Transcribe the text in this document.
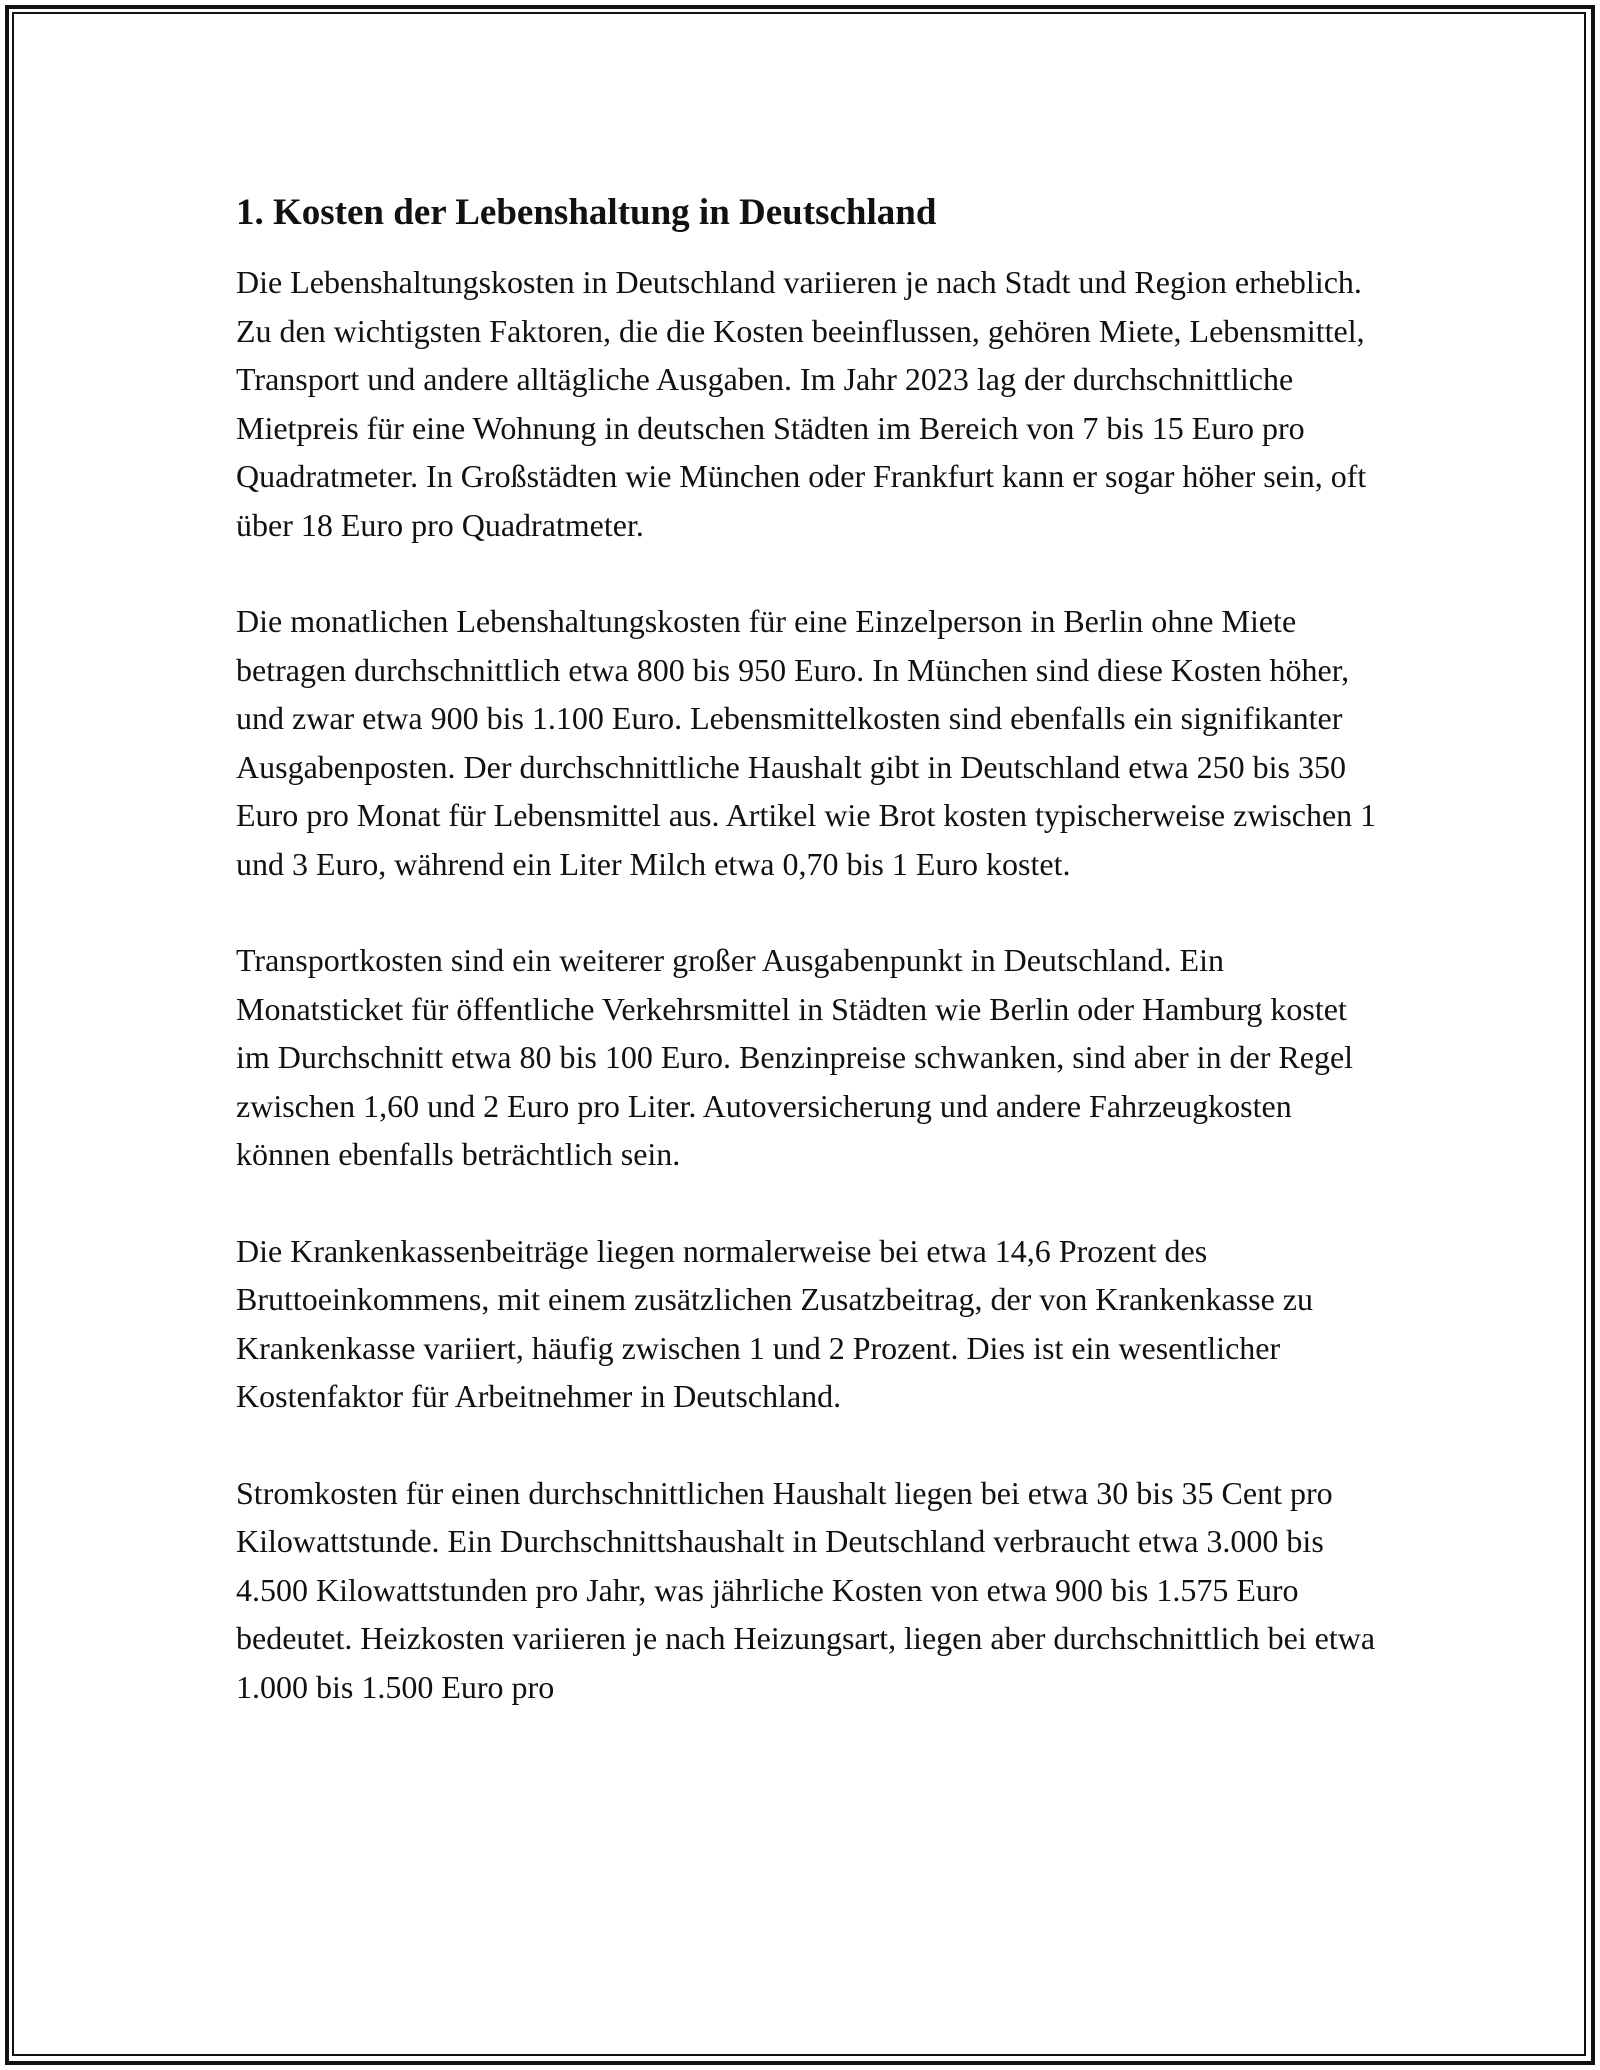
1. Kosten der Lebenshaltung in Deutschland

Die Lebenshaltungskosten in Deutschland variieren je nach Stadt und Region erheblich. Zu den wichtigsten Faktoren, die die Kosten beeinflussen, gehören Miete, Lebensmittel, Transport und andere alltägliche Ausgaben. Im Jahr 2023 lag der durchschnittliche Mietpreis für eine Wohnung in deutschen Städten im Bereich von 7 bis 15 Euro pro Quadratmeter. In Großstädten wie München oder Frankfurt kann er sogar höher sein, oft über 18 Euro pro Quadratmeter.

Die monatlichen Lebenshaltungskosten für eine Einzelperson in Berlin ohne Miete betragen durchschnittlich etwa 800 bis 950 Euro. In München sind diese Kosten höher, und zwar etwa 900 bis 1.100 Euro. Lebensmittelkosten sind ebenfalls ein signifikanter Ausgabenposten. Der durchschnittliche Haushalt gibt in Deutschland etwa 250 bis 350 Euro pro Monat für Lebensmittel aus. Artikel wie Brot kosten typischerweise zwischen 1 und 3 Euro, während ein Liter Milch etwa 0,70 bis 1 Euro kostet.

Transportkosten sind ein weiterer großer Ausgabenpunkt in Deutschland. Ein Monatsticket für öffentliche Verkehrsmittel in Städten wie Berlin oder Hamburg kostet im Durchschnitt etwa 80 bis 100 Euro. Benzinpreise schwanken, sind aber in der Regel zwischen 1,60 und 2 Euro pro Liter. Autoversicherung und andere Fahrzeugkosten können ebenfalls beträchtlich sein.

Die Krankenkassenbeiträge liegen normalerweise bei etwa 14,6 Prozent des Bruttoeinkommens, mit einem zusätzlichen Zusatzbeitrag, der von Krankenkasse zu Krankenkasse variiert, häufig zwischen 1 und 2 Prozent. Dies ist ein wesentlicher Kostenfaktor für Arbeitnehmer in Deutschland.

Stromkosten für einen durchschnittlichen Haushalt liegen bei etwa 30 bis 35 Cent pro Kilowattstunde. Ein Durchschnittshaushalt in Deutschland verbraucht etwa 3.000 bis 4.500 Kilowattstunden pro Jahr, was jährliche Kosten von etwa 900 bis 1.575 Euro bedeutet. Heizkosten variieren je nach Heizungsart, liegen aber durchschnittlich bei etwa 1.000 bis 1.500 Euro pro
